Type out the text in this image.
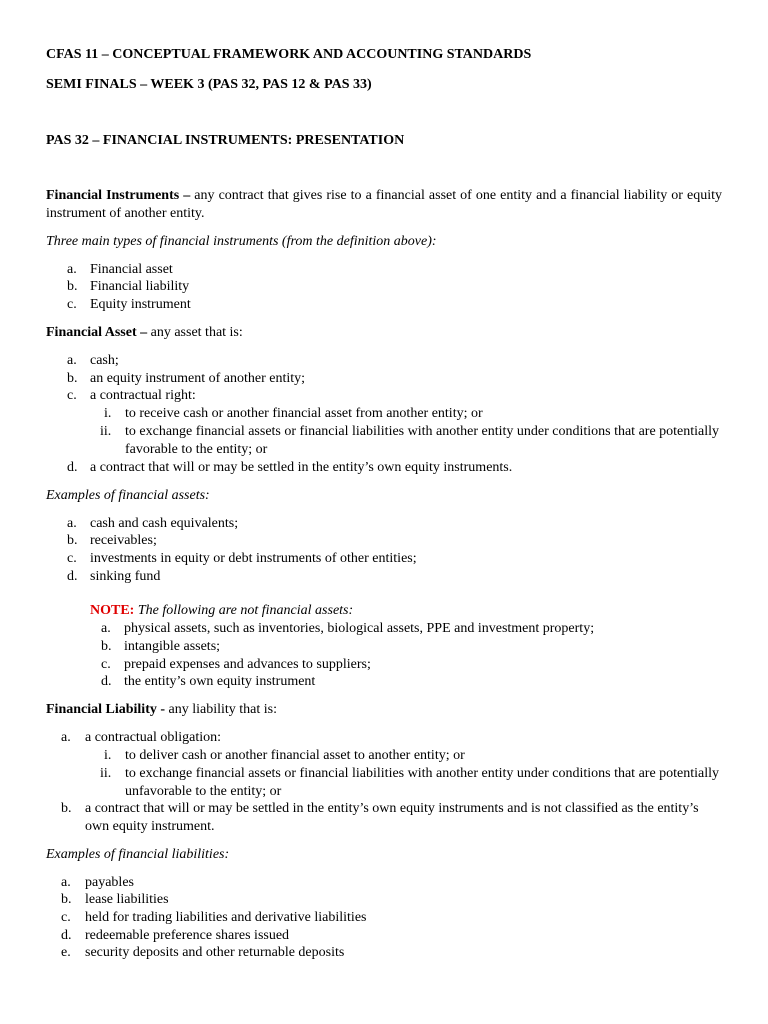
CFAS 11 – CONCEPTUAL FRAMEWORK AND ACCOUNTING STANDARDS
SEMI FINALS – WEEK 3 (PAS 32, PAS 12 & PAS 33)
PAS 32 – FINANCIAL INSTRUMENTS: PRESENTATION
Financial Instruments – any contract that gives rise to a financial asset of one entity and a financial liability or equity instrument of another entity.
Three main types of financial instruments (from the definition above):
a. Financial asset
b. Financial liability
c. Equity instrument
Financial Asset – any asset that is:
a. cash;
b. an equity instrument of another entity;
c. a contractual right:
i. to receive cash or another financial asset from another entity; or
ii. to exchange financial assets or financial liabilities with another entity under conditions that are potentially favorable to the entity; or
d. a contract that will or may be settled in the entity’s own equity instruments.
Examples of financial assets:
a. cash and cash equivalents;
b. receivables;
c. investments in equity or debt instruments of other entities;
d. sinking fund
NOTE: The following are not financial assets:
a. physical assets, such as inventories, biological assets, PPE and investment property;
b. intangible assets;
c. prepaid expenses and advances to suppliers;
d. the entity’s own equity instrument
Financial Liability - any liability that is:
a. a contractual obligation:
i. to deliver cash or another financial asset to another entity; or
ii. to exchange financial assets or financial liabilities with another entity under conditions that are potentially unfavorable to the entity; or
b. a contract that will or may be settled in the entity’s own equity instruments and is not classified as the entity’s own equity instrument.
Examples of financial liabilities:
a. payables
b. lease liabilities
c. held for trading liabilities and derivative liabilities
d. redeemable preference shares issued
e. security deposits and other returnable deposits
